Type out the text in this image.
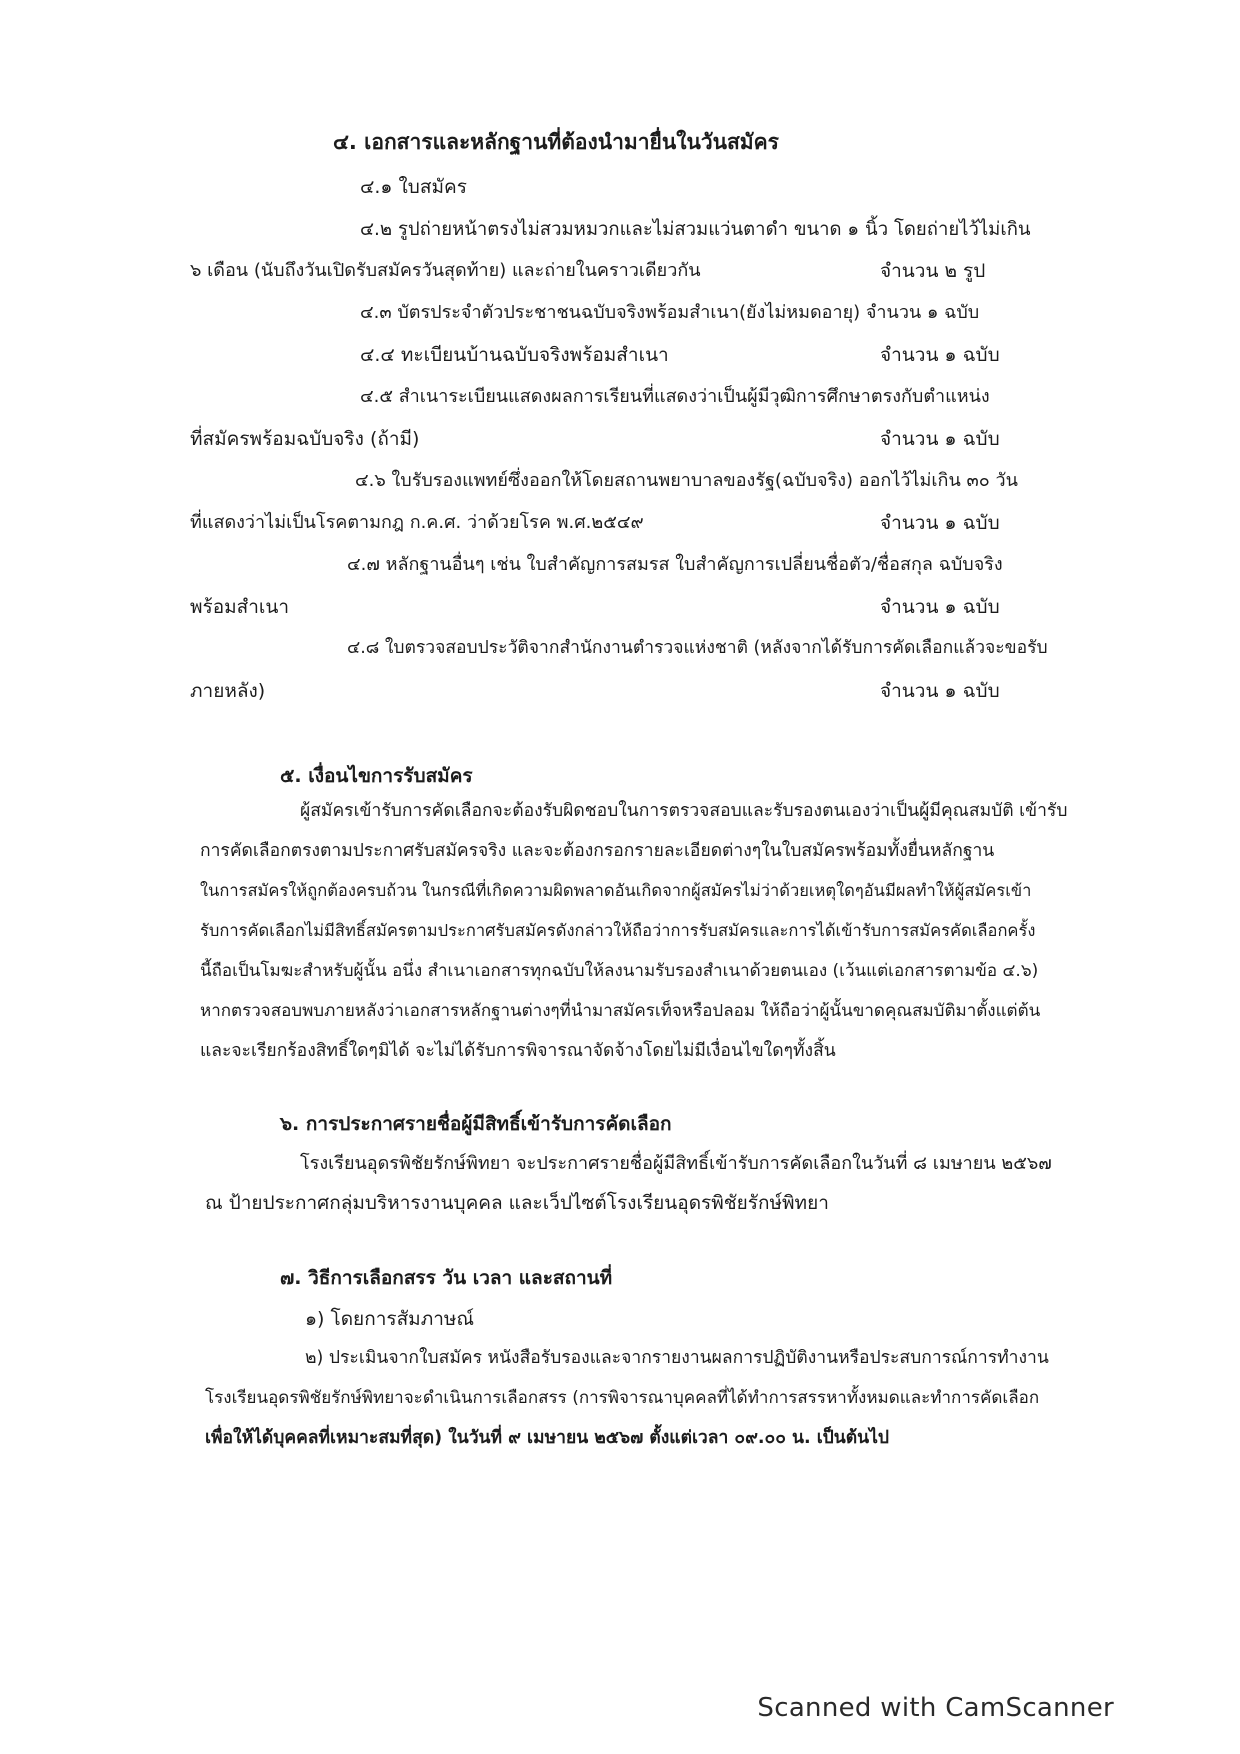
๔. เอกสารและหลักฐานที่ต้องนำมายื่นในวันสมัคร
๔.๑ ใบสมัคร
๔.๒ รูปถ่ายหน้าตรงไม่สวมหมวกและไม่สวมแว่นตาดำ ขนาด ๑ นิ้ว โดยถ่ายไว้ไม่เกิน
๖ เดือน (นับถึงวันเปิดรับสมัครวันสุดท้าย) และถ่ายในคราวเดียวกัน	จำนวน ๒ รูป
๔.๓ บัตรประจำตัวประชาชนฉบับจริงพร้อมสำเนา(ยังไม่หมดอายุ) จำนวน ๑ ฉบับ
๔.๔ ทะเบียนบ้านฉบับจริงพร้อมสำเนา	จำนวน ๑ ฉบับ
๔.๕ สำเนาระเบียนแสดงผลการเรียนที่แสดงว่าเป็นผู้มีวุฒิการศึกษาตรงกับตำแหน่ง
ที่สมัครพร้อมฉบับจริง (ถ้ามี)	จำนวน ๑ ฉบับ
๔.๖ ใบรับรองแพทย์ซึ่งออกให้โดยสถานพยาบาลของรัฐ(ฉบับจริง) ออกไว้ไม่เกิน ๓๐ วัน
ที่แสดงว่าไม่เป็นโรคตามกฎ ก.ค.ศ. ว่าด้วยโรค พ.ศ.๒๕๔๙	จำนวน ๑ ฉบับ
๔.๗ หลักฐานอื่นๆ เช่น ใบสำคัญการสมรส ใบสำคัญการเปลี่ยนชื่อตัว/ชื่อสกุล ฉบับจริง
พร้อมสำเนา	จำนวน ๑ ฉบับ
๔.๘ ใบตรวจสอบประวัติจากสำนักงานตำรวจแห่งชาติ (หลังจากได้รับการคัดเลือกแล้วจะขอรับ
ภายหลัง)	จำนวน ๑ ฉบับ
๕. เงื่อนไขการรับสมัคร
ผู้สมัครเข้ารับการคัดเลือกจะต้องรับผิดชอบในการตรวจสอบและรับรองตนเองว่าเป็นผู้มีคุณสมบัติ เข้ารับ
การคัดเลือกตรงตามประกาศรับสมัครจริง และจะต้องกรอกรายละเอียดต่างๆในใบสมัครพร้อมทั้งยื่นหลักฐาน
ในการสมัครให้ถูกต้องครบถ้วน ในกรณีที่เกิดความผิดพลาดอันเกิดจากผู้สมัครไม่ว่าด้วยเหตุใดๆอันมีผลทำให้ผู้สมัครเข้า
รับการคัดเลือกไม่มีสิทธิ์สมัครตามประกาศรับสมัครดังกล่าวให้ถือว่าการรับสมัครและการได้เข้ารับการสมัครคัดเลือกครั้ง
นี้ถือเป็นโมฆะสำหรับผู้นั้น อนึ่ง สำเนาเอกสารทุกฉบับให้ลงนามรับรองสำเนาด้วยตนเอง (เว้นแต่เอกสารตามข้อ ๔.๖)
หากตรวจสอบพบภายหลังว่าเอกสารหลักฐานต่างๆที่นำมาสมัครเท็จหรือปลอม ให้ถือว่าผู้นั้นขาดคุณสมบัติมาตั้งแต่ต้น
และจะเรียกร้องสิทธิ์ใดๆมิได้ จะไม่ได้รับการพิจารณาจัดจ้างโดยไม่มีเงื่อนไขใดๆทั้งสิ้น
๖. การประกาศรายชื่อผู้มีสิทธิ์เข้ารับการคัดเลือก
โรงเรียนอุดรพิชัยรักษ์พิทยา จะประกาศรายชื่อผู้มีสิทธิ์เข้ารับการคัดเลือกในวันที่ ๘ เมษายน ๒๕๖๗
ณ ป้ายประกาศกลุ่มบริหารงานบุคคล และเว็ปไซต์โรงเรียนอุดรพิชัยรักษ์พิทยา
๗. วิธีการเลือกสรร วัน เวลา และสถานที่
๑) โดยการสัมภาษณ์
๒) ประเมินจากใบสมัคร หนังสือรับรองและจากรายงานผลการปฏิบัติงานหรือประสบการณ์การทำงาน
โรงเรียนอุดรพิชัยรักษ์พิทยาจะดำเนินการเลือกสรร (การพิจารณาบุคคลที่ได้ทำการสรรหาทั้งหมดและทำการคัดเลือก
เพื่อให้ได้บุคคลที่เหมาะสมที่สุด) ในวันที่ ๙ เมษายน ๒๕๖๗ ตั้งแต่เวลา ๐๙.๐๐ น. เป็นต้นไป
Scanned with CamScanner
